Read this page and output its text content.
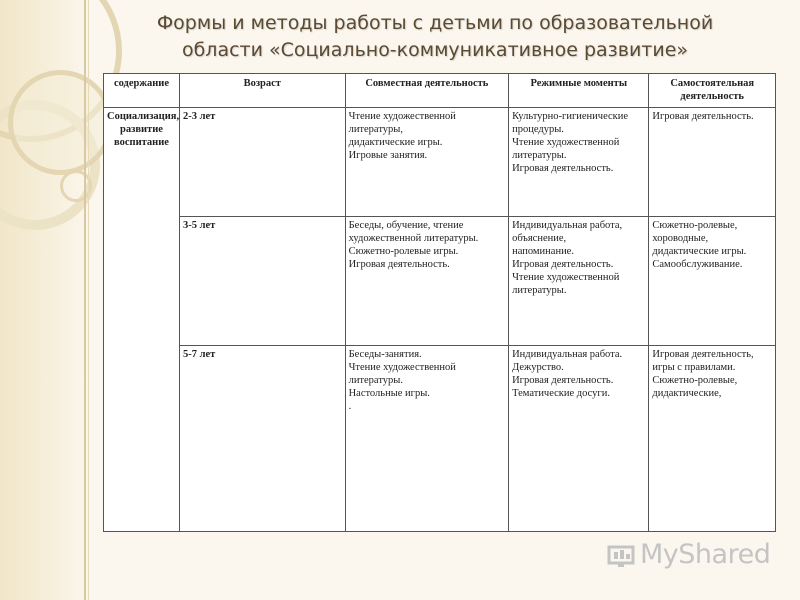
Формы и методы работы с детьми по образовательной
области «Социально-коммуникативное развитие»
содержание	Возраст	Совместная деятельность	Режимные моменты	Самостоятельная деятельность
Социализация, развитие воспитание	2-3 лет	Чтение художественной литературы,
дидактические игры.
Игровые занятия.	Культурно-гигиенические процедуры.
Чтение художественной литературы.
Игровая деятельность.	Игровая деятельность.

	3-5 лет	Беседы, обучение, чтение художественной литературы.
Сюжетно-ролевые игры.
Игровая деятельность.	Индивидуальная работа,
объяснение,
напоминание.
Игровая деятельность.
Чтение художественной литературы.	Сюжетно-ролевые, хороводные, дидактические игры.
Самообслуживание.

	5-7 лет	Беседы-занятия.
Чтение художественной литературы.
Настольные игры.
.	Индивидуальная работа. Дежурство.
Игровая деятельность.
Тематические досуги.	Игровая деятельность, игры с правилами.
Сюжетно-ролевые, дидактические,
MyShared
